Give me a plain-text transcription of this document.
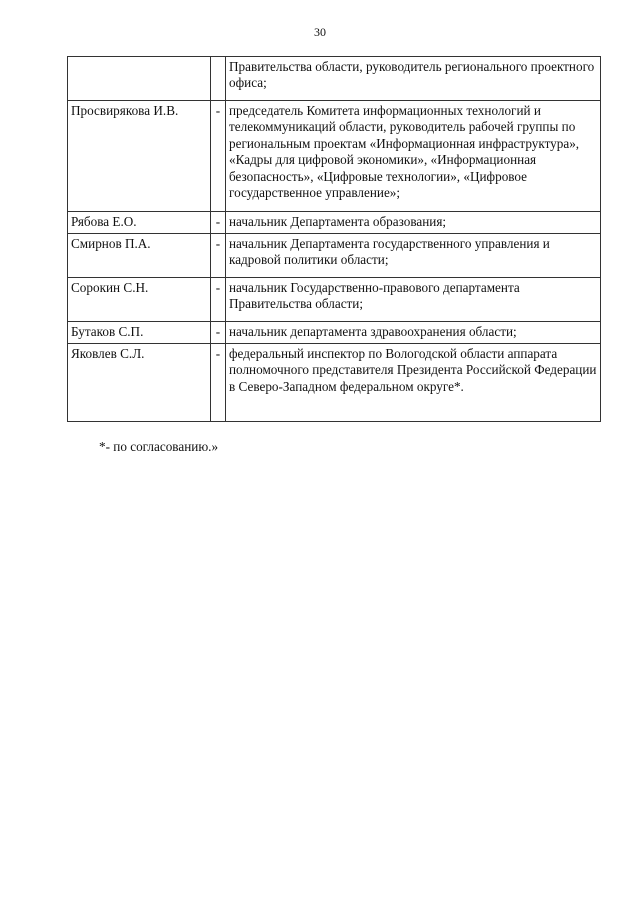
30
		Правительства области, руководитель регионального проектного офиса;
Просвирякова И.В.	-	председатель Комитета информационных технологий и телекоммуникаций области, руководитель рабочей группы по региональным проектам «Информационная инфраструктура», «Кадры для цифровой экономики», «Информационная безопасность», «Цифровые технологии», «Цифровое государственное управление»;
Рябова Е.О.	-	начальник Департамента образования;
Смирнов П.А.	-	начальник Департамента государственного управления и кадровой политики области;
Сорокин С.Н.	-	начальник Государственно-правового департамента Правительства области;
Бутаков С.П.	-	начальник департамента здравоохранения области;
Яковлев С.Л.	-	федеральный инспектор по Вологодской области аппарата полномочного представителя Президента Российской Федерации в Северо-Западном федеральном округе*.
*- по согласованию.»
